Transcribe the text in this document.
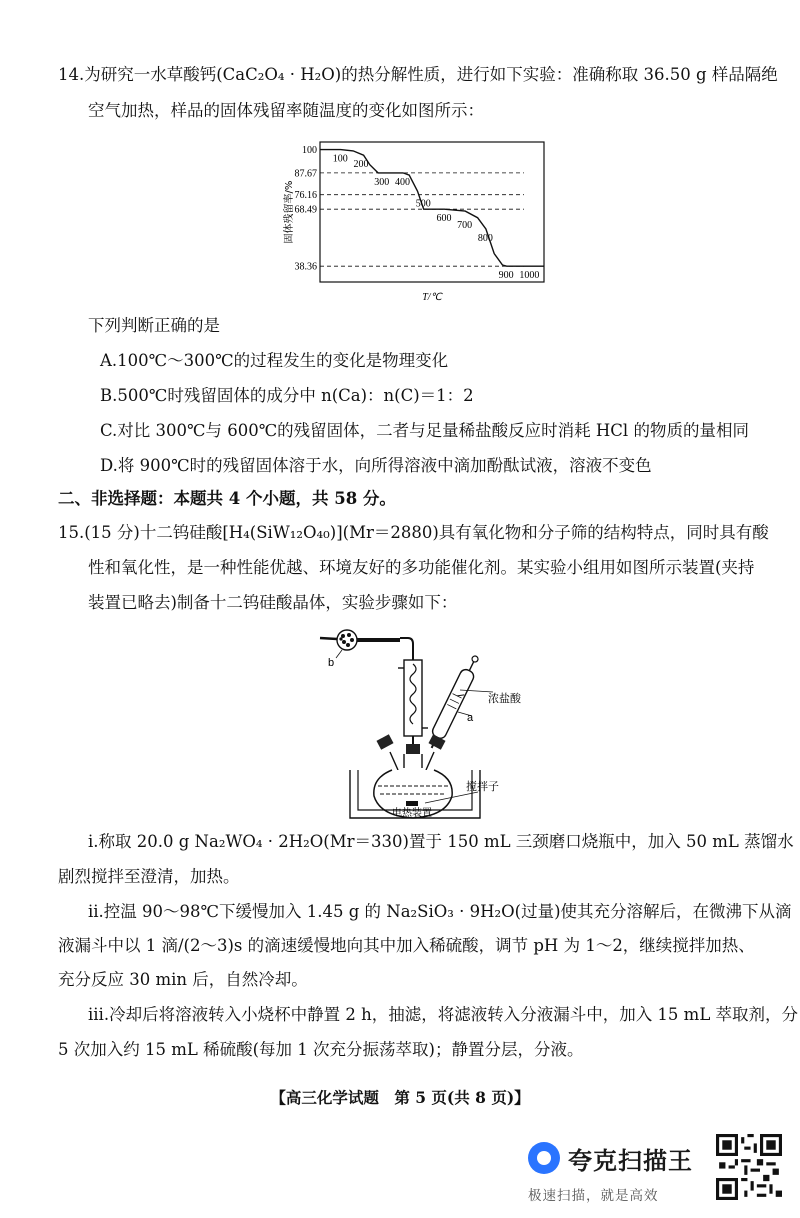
14.为研究一水草酸钙(CaC₂O₄ · H₂O)的热分解性质，进行如下实验：准确称取 36.50 g 样品隔绝
空气加热，样品的固体残留率随温度的变化如图所示：
100
87.67
76.16
68.49
38.36
100
200
300 400
500
600
700
800
900 1000
固体残留率/%
T/℃
下列判断正确的是
A.100℃～300℃的过程发生的变化是物理变化
B.500℃时残留固体的成分中 n(Ca)：n(C)＝1：2
C.对比 300℃与 600℃的残留固体，二者与足量稀盐酸反应时消耗 HCl 的物质的量相同
D.将 900℃时的残留固体溶于水，向所得溶液中滴加酚酞试液，溶液不变色
二、非选择题：本题共 4 个小题，共 58 分。
15.(15 分)十二钨硅酸[H₄(SiW₁₂O₄₀)](Mr＝2880)具有氧化物和分子筛的结构特点，同时具有酸
性和氧化性，是一种性能优越、环境友好的多功能催化剂。某实验小组用如图所示装置(夹持
装置已略去)制备十二钨硅酸晶体，实验步骤如下：
b
浓盐酸
a
搅拌子
电热装置
ⅰ.称取 20.0 g Na₂WO₄ · 2H₂O(Mr＝330)置于 150 mL 三颈磨口烧瓶中，加入 50 mL 蒸馏水
剧烈搅拌至澄清，加热。
ⅱ.控温 90～98℃下缓慢加入 1.45 g 的 Na₂SiO₃ · 9H₂O(过量)使其充分溶解后，在微沸下从滴
液漏斗中以 1 滴/(2～3)s 的滴速缓慢地向其中加入稀硫酸，调节 pH 为 1～2，继续搅拌加热、
充分反应 30 min 后，自然冷却。
ⅲ.冷却后将溶液转入小烧杯中静置 2 h，抽滤，将滤液转入分液漏斗中，加入 15 mL 萃取剂，分
5 次加入约 15 mL 稀硫酸(每加 1 次充分振荡萃取)；静置分层，分液。
【高三化学试题　第 5 页(共 8 页)】
夸克扫描王
极速扫描，就是高效
